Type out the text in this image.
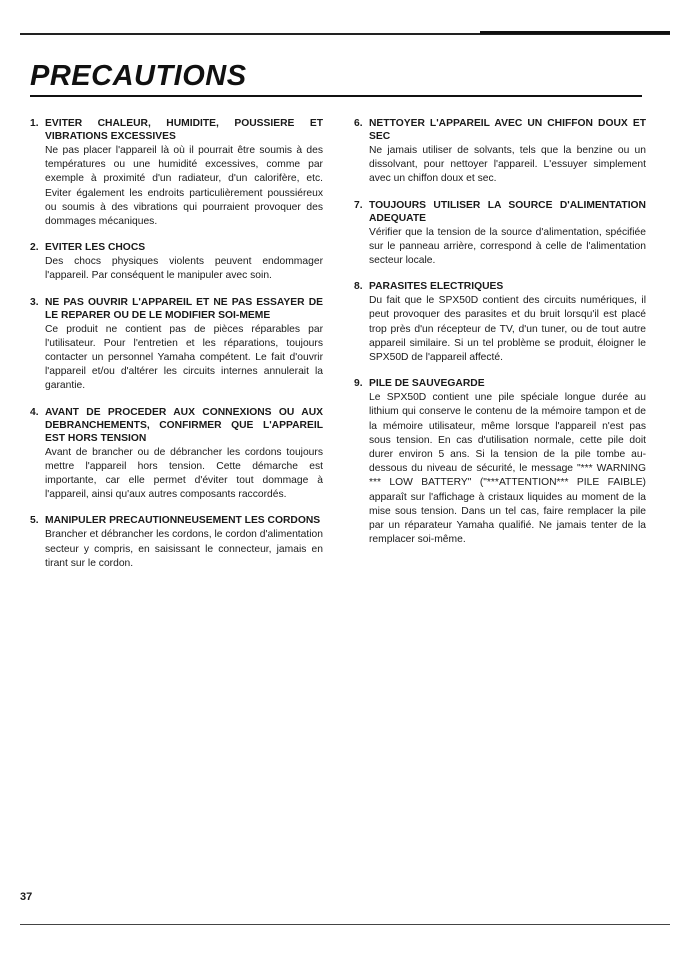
PRECAUTIONS
1. EVITER CHALEUR, HUMIDITE, POUSSIERE ET VIBRATIONS EXCESSIVES
Ne pas placer l'appareil là où il pourrait être soumis à des températures ou une humidité excessives, comme par exemple à proximité d'un radiateur, d'un calorifère, etc. Eviter également les endroits particulièrement poussiéreux ou soumis à des vibrations qui pourraient provoquer des dommages mécaniques.
2. EVITER LES CHOCS
Des chocs physiques violents peuvent endommager l'appareil. Par conséquent le manipuler avec soin.
3. NE PAS OUVRIR L'APPAREIL ET NE PAS ESSAYER DE LE REPARER OU DE LE MODIFIER SOI-MEME
Ce produit ne contient pas de pièces réparables par l'utilisateur. Pour l'entretien et les réparations, toujours contacter un personnel Yamaha compétent. Le fait d'ouvrir l'appareil et/ou d'altérer les circuits internes annulerait la garantie.
4. AVANT DE PROCEDER AUX CONNEXIONS OU AUX DEBRANCHEMENTS, CONFIRMER QUE L'APPAREIL EST HORS TENSION
Avant de brancher ou de débrancher les cordons toujours mettre l'appareil hors tension. Cette démarche est importante, car elle permet d'éviter tout dommage à l'appareil, ainsi qu'aux autres composants raccordés.
5. MANIPULER PRECAUTIONNEUSEMENT LES CORDONS
Brancher et débrancher les cordons, le cordon d'alimentation secteur y compris, en saisissant le connecteur, jamais en tirant sur le cordon.
6. NETTOYER L'APPAREIL AVEC UN CHIFFON DOUX ET SEC
Ne jamais utiliser de solvants, tels que la benzine ou un dissolvant, pour nettoyer l'appareil. L'essuyer simplement avec un chiffon doux et sec.
7. TOUJOURS UTILISER LA SOURCE D'ALIMENTATION ADEQUATE
Vérifier que la tension de la source d'alimentation, spécifiée sur le panneau arrière, correspond à celle de l'alimentation secteur locale.
8. PARASITES ELECTRIQUES
Du fait que le SPX50D contient des circuits numériques, il peut provoquer des parasites et du bruit lorsqu'il est placé trop près d'un récepteur de TV, d'un tuner, ou de tout autre appareil similaire. Si un tel problème se produit, éloigner le SPX50D de l'appareil affecté.
9. PILE DE SAUVEGARDE
Le SPX50D contient une pile spéciale longue durée au lithium qui conserve le contenu de la mémoire tampon et de la mémoire utilisateur, même lorsque l'appareil n'est pas sous tension. En cas d'utilisation normale, cette pile doit durer environ 5 ans. Si la tension de la pile tombe au-dessous du niveau de sécurité, le message "*** WARNING *** LOW BATTERY" ("***ATTENTION*** PILE FAIBLE) apparaît sur l'affichage à cristaux liquides au moment de la mise sous tension. Dans un tel cas, faire remplacer la pile par un réparateur Yamaha qualifié. Ne jamais tenter de la remplacer soi-même.
37
